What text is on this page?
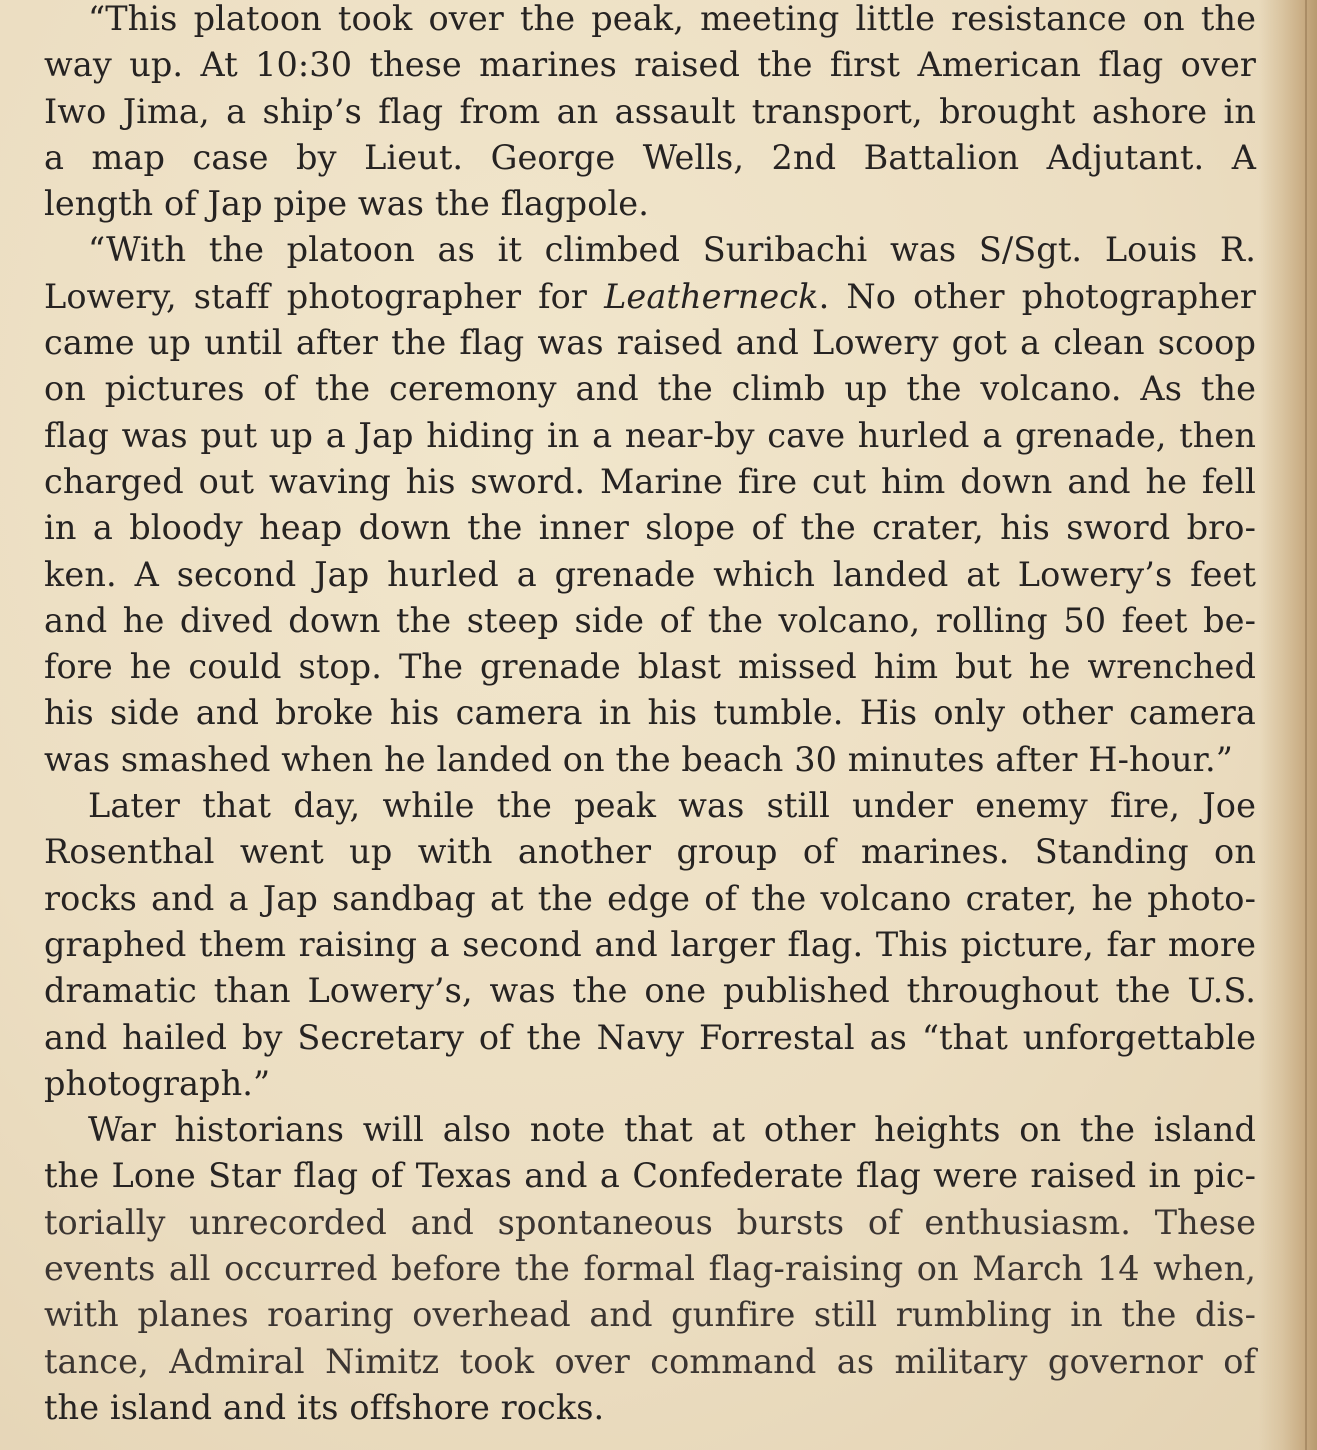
“This platoon took over the peak, meeting little resistance on the
way up. At 10:30 these marines raised the first American flag over
Iwo Jima, a ship’s flag from an assault transport, brought ashore in
a map case by Lieut. George Wells, 2nd Battalion Adjutant. A
length of Jap pipe was the flagpole.
“With the platoon as it climbed Suribachi was S/Sgt. Louis R.
Lowery, staff photographer for Leatherneck. No other photographer
came up until after the flag was raised and Lowery got a clean scoop
on pictures of the ceremony and the climb up the volcano. As the
flag was put up a Jap hiding in a near-by cave hurled a grenade, then
charged out waving his sword. Marine fire cut him down and he fell
in a bloody heap down the inner slope of the crater, his sword bro-
ken. A second Jap hurled a grenade which landed at Lowery’s feet
and he dived down the steep side of the volcano, rolling 50 feet be-
fore he could stop. The grenade blast missed him but he wrenched
his side and broke his camera in his tumble. His only other camera
was smashed when he landed on the beach 30 minutes after H-hour.”
Later that day, while the peak was still under enemy fire, Joe
Rosenthal went up with another group of marines. Standing on
rocks and a Jap sandbag at the edge of the volcano crater, he photo-
graphed them raising a second and larger flag. This picture, far more
dramatic than Lowery’s, was the one published throughout the U.S.
and hailed by Secretary of the Navy Forrestal as “that unforgettable
photograph.”
War historians will also note that at other heights on the island
the Lone Star flag of Texas and a Confederate flag were raised in pic-
torially unrecorded and spontaneous bursts of enthusiasm. These
events all occurred before the formal flag-raising on March 14 when,
with planes roaring overhead and gunfire still rumbling in the dis-
tance, Admiral Nimitz took over command as military governor of
the island and its offshore rocks.
